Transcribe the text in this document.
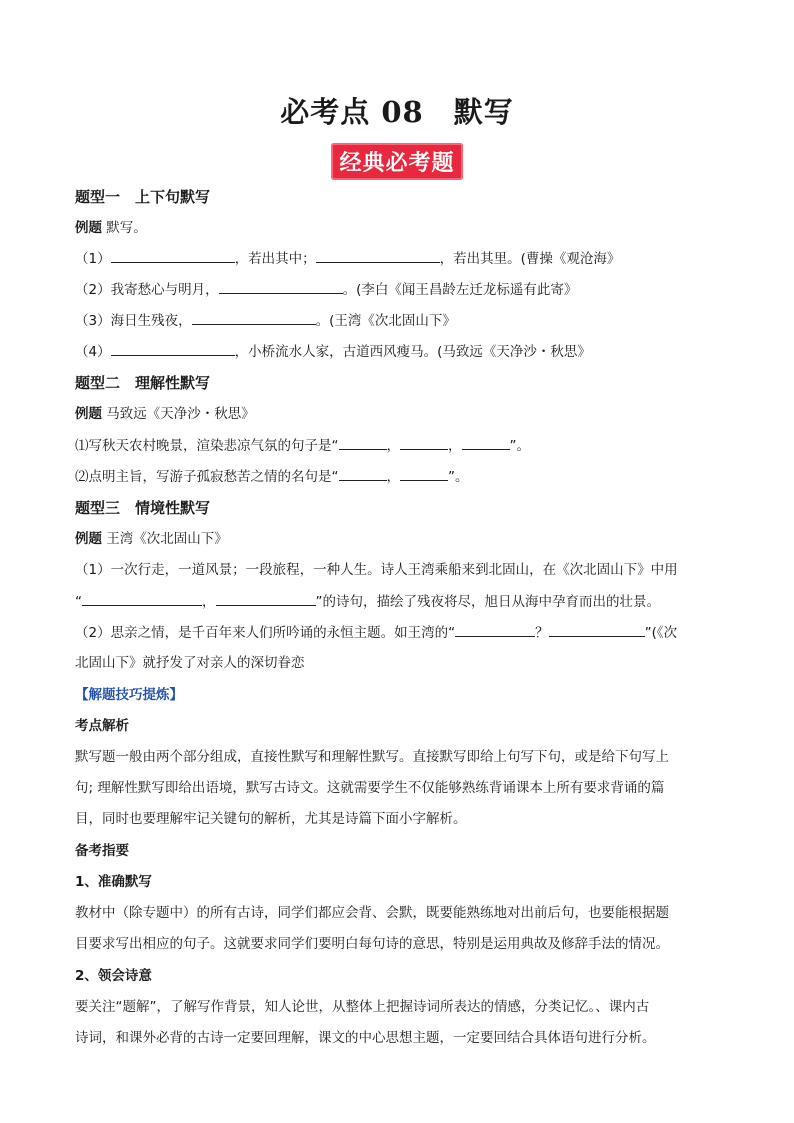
必考点 08　默写
经典必考题
题型一　上下句默写
例题 默写。
（1）	，若出其中；	，若出其里。(曹操《观沧海》
（2）我寄愁心与明月，	。(李白《闻王昌龄左迁龙标遥有此寄》
（3）海日生残夜，	。(王湾《次北固山下》
（4）	，小桥流水人家，古道西风瘦马。(马致远《天净沙・秋思》
题型二　理解性默写
例题 马致远《天净沙・秋思》
⑴写秋天农村晚景，渲染悲凉气氛的句子是“	，	，	”。
⑵点明主旨，写游子孤寂愁苦之情的名句是“	，	”。
题型三　情境性默写
例题 王湾《次北固山下》
（1）一次行走，一道风景；一段旅程，一种人生。诗人王湾乘船来到北固山，在《次北固山下》中用
“	，	”的诗句，描绘了残夜将尽，旭日从海中孕育而出的壮景。
（2）思亲之情，是千百年来人们所吟诵的永恒主题。如王湾的“	？	”(《次
北固山下》就抒发了对亲人的深切眷恋
【解题技巧提炼】
考点解析
默写题一般由两个部分组成，直接性默写和理解性默写。直接默写即给上句写下句，或是给下句写上
句; 理解性默写即给出语境，默写古诗文。这就需要学生不仅能够熟练背诵课本上所有要求背诵的篇
目，同时也要理解牢记关键句的解析，尤其是诗篇下面小字解析。
备考指要
1、准确默写
教材中（除专题中）的所有古诗，同学们都应会背、会默，既要能熟练地对出前后句，也要能根据题
目要求写出相应的句子。这就要求同学们要明白每句诗的意思，特别是运用典故及修辞手法的情况。
2、领会诗意
要关注“题解”，了解写作背景，知人论世，从整体上把握诗词所表达的情感，分类记忆。、课内古
诗词，和课外必背的古诗一定要回理解，课文的中心思想主题，一定要回结合具体语句进行分析。
